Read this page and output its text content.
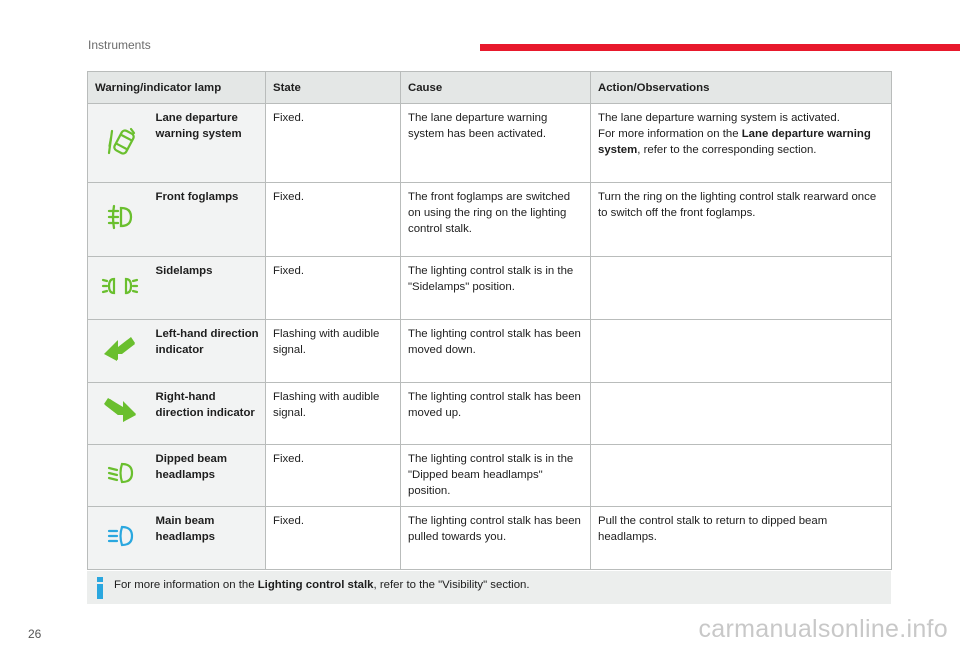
Instruments
Warning/indicator lamp		State	Cause	Action/Observations

	Lane departure warning system	Fixed.	The lane departure warning system has been activated.	The lane departure warning system is activated.
For more information on the Lane departure warning system, refer to the corresponding section.

	Front foglamps	Fixed.	The front foglamps are switched on using the ring on the lighting control stalk.	Turn the ring on the lighting control stalk rearward once to switch off the front foglamps.

	Sidelamps	Fixed.	The lighting control stalk is in the "Sidelamps" position.	

	Left-hand direction indicator	Flashing with audible signal.	The lighting control stalk has been moved down.	

	Right-hand direction indicator	Flashing with audible signal.	The lighting control stalk has been moved up.	

	Dipped beam headlamps	Fixed.	The lighting control stalk is in the "Dipped beam headlamps" position.	

	Main beam headlamps	Fixed.	The lighting control stalk has been pulled towards you.	Pull the control stalk to return to dipped beam headlamps.
For more information on the Lighting control stalk, refer to the "Visibility" section.
26	carmanualsonline.info
